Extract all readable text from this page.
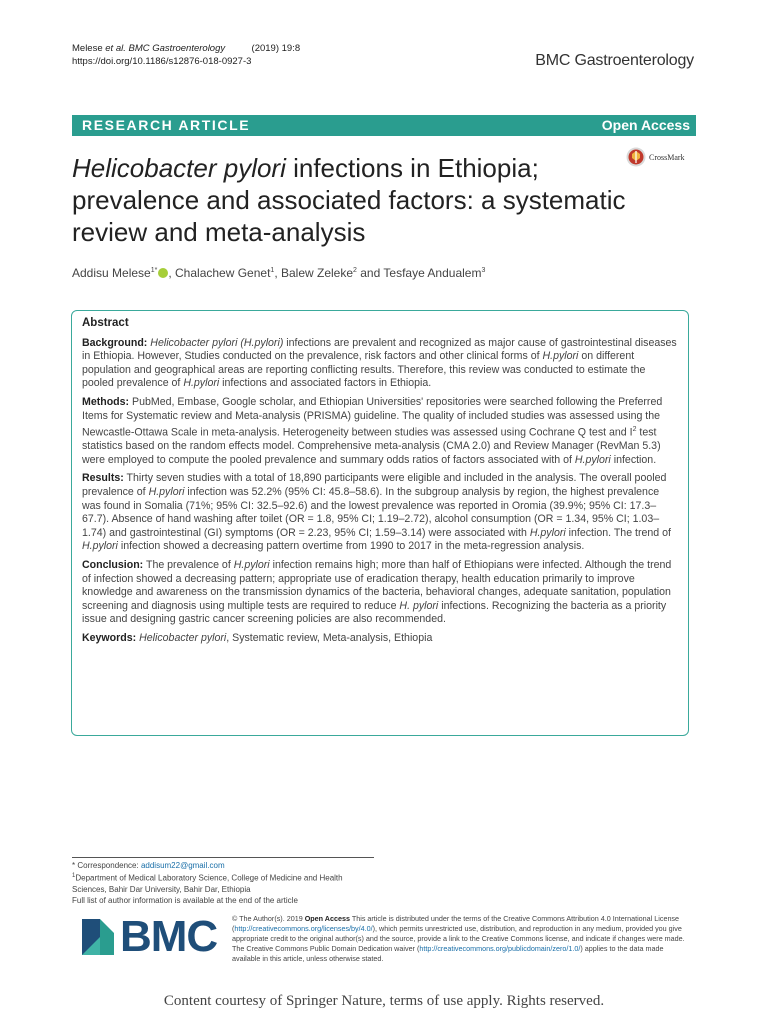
Melese et al. BMC Gastroenterology	(2019) 19:8
https://doi.org/10.1186/s12876-018-0927-3	BMC Gastroenterology
RESEARCH ARTICLE	Open Access
CrossMark
Helicobacter pylori infections in Ethiopia; prevalence and associated factors: a systematic review and meta-analysis
Addisu Melese$^{1*}$ , Chalachew Genet$^1$, Balew Zeleke$^2$ and Tesfaye Andualem$^3$
Abstract

Background: Helicobacter pylori (H.pylori) infections are prevalent and recognized as major cause of gastrointestinal diseases in Ethiopia. However, Studies conducted on the prevalence, risk factors and other clinical forms of H.pylori on different population and geographical areas are reporting conflicting results. Therefore, this review was conducted to estimate the pooled prevalence of H.pylori infections and associated factors in Ethiopia.

Methods: PubMed, Embase, Google scholar, and Ethiopian Universities' repositories were searched following the Preferred Items for Systematic review and Meta-analysis (PRISMA) guideline. The quality of included studies was assessed using the Newcastle-Ottawa Scale in meta-analysis. Heterogeneity between studies was assessed using Cochrane Q test and $I^2$ test statistics based on the random effects model. Comprehensive meta-analysis (CMA 2.0) and Review Manager (RevMan 5.3) were employed to compute the pooled prevalence and summary odds ratios of factors associated with of H.pylori infection.

Results: Thirty seven studies with a total of 18,890 participants were eligible and included in the analysis. The overall pooled prevalence of H.pylori infection was 52.2% (95% CI: 45.8–58.6). In the subgroup analysis by region, the highest prevalence was found in Somalia (71%; 95% CI: 32.5–92.6) and the lowest prevalence was reported in Oromia (39.9%; 95% CI: 17.3–67.7). Absence of hand washing after toilet (OR = 1.8, 95% CI; 1.19–2.72), alcohol consumption (OR = 1.34, 95% CI; 1.03–1.74) and gastrointestinal (GI) symptoms (OR = 2.23, 95% CI; 1.59–3.14) were associated with H.pylori infection. The trend of H.pylori infection showed a decreasing pattern overtime from 1990 to 2017 in the meta-regression analysis.

Conclusion: The prevalence of H.pylori infection remains high; more than half of Ethiopians were infected. Although the trend of infection showed a decreasing pattern; appropriate use of eradication therapy, health education primarily to improve knowledge and awareness on the transmission dynamics of the bacteria, behavioral changes, adequate sanitation, population screening and diagnosis using multiple tests are required to reduce H. pylori infections. Recognizing the bacteria as a priority issue and designing gastric cancer screening policies are also recommended.

Keywords: Helicobacter pylori, Systematic review, Meta-analysis, Ethiopia

* Correspondence: addisum22@gmail.com
$^1$Department of Medical Laboratory Science, College of Medicine and Health
Sciences, Bahir Dar University, Bahir Dar, Ethiopia
Full list of author information is available at the end of the article
BMC © The Author(s). 2019 Open Access This article is distributed under the terms of the Creative Commons Attribution 4.0 International License (http://creativecommons.org/licenses/by/4.0/), which permits unrestricted use, distribution, and reproduction in any medium, provided you give appropriate credit to the original author(s) and the source, provide a link to the Creative Commons license, and indicate if changes were made. The Creative Commons Public Domain Dedication waiver (http://creativecommons.org/publicdomain/zero/1.0/) applies to the data made available in this article, unless otherwise stated.
Content courtesy of Springer Nature, terms of use apply. Rights reserved.
